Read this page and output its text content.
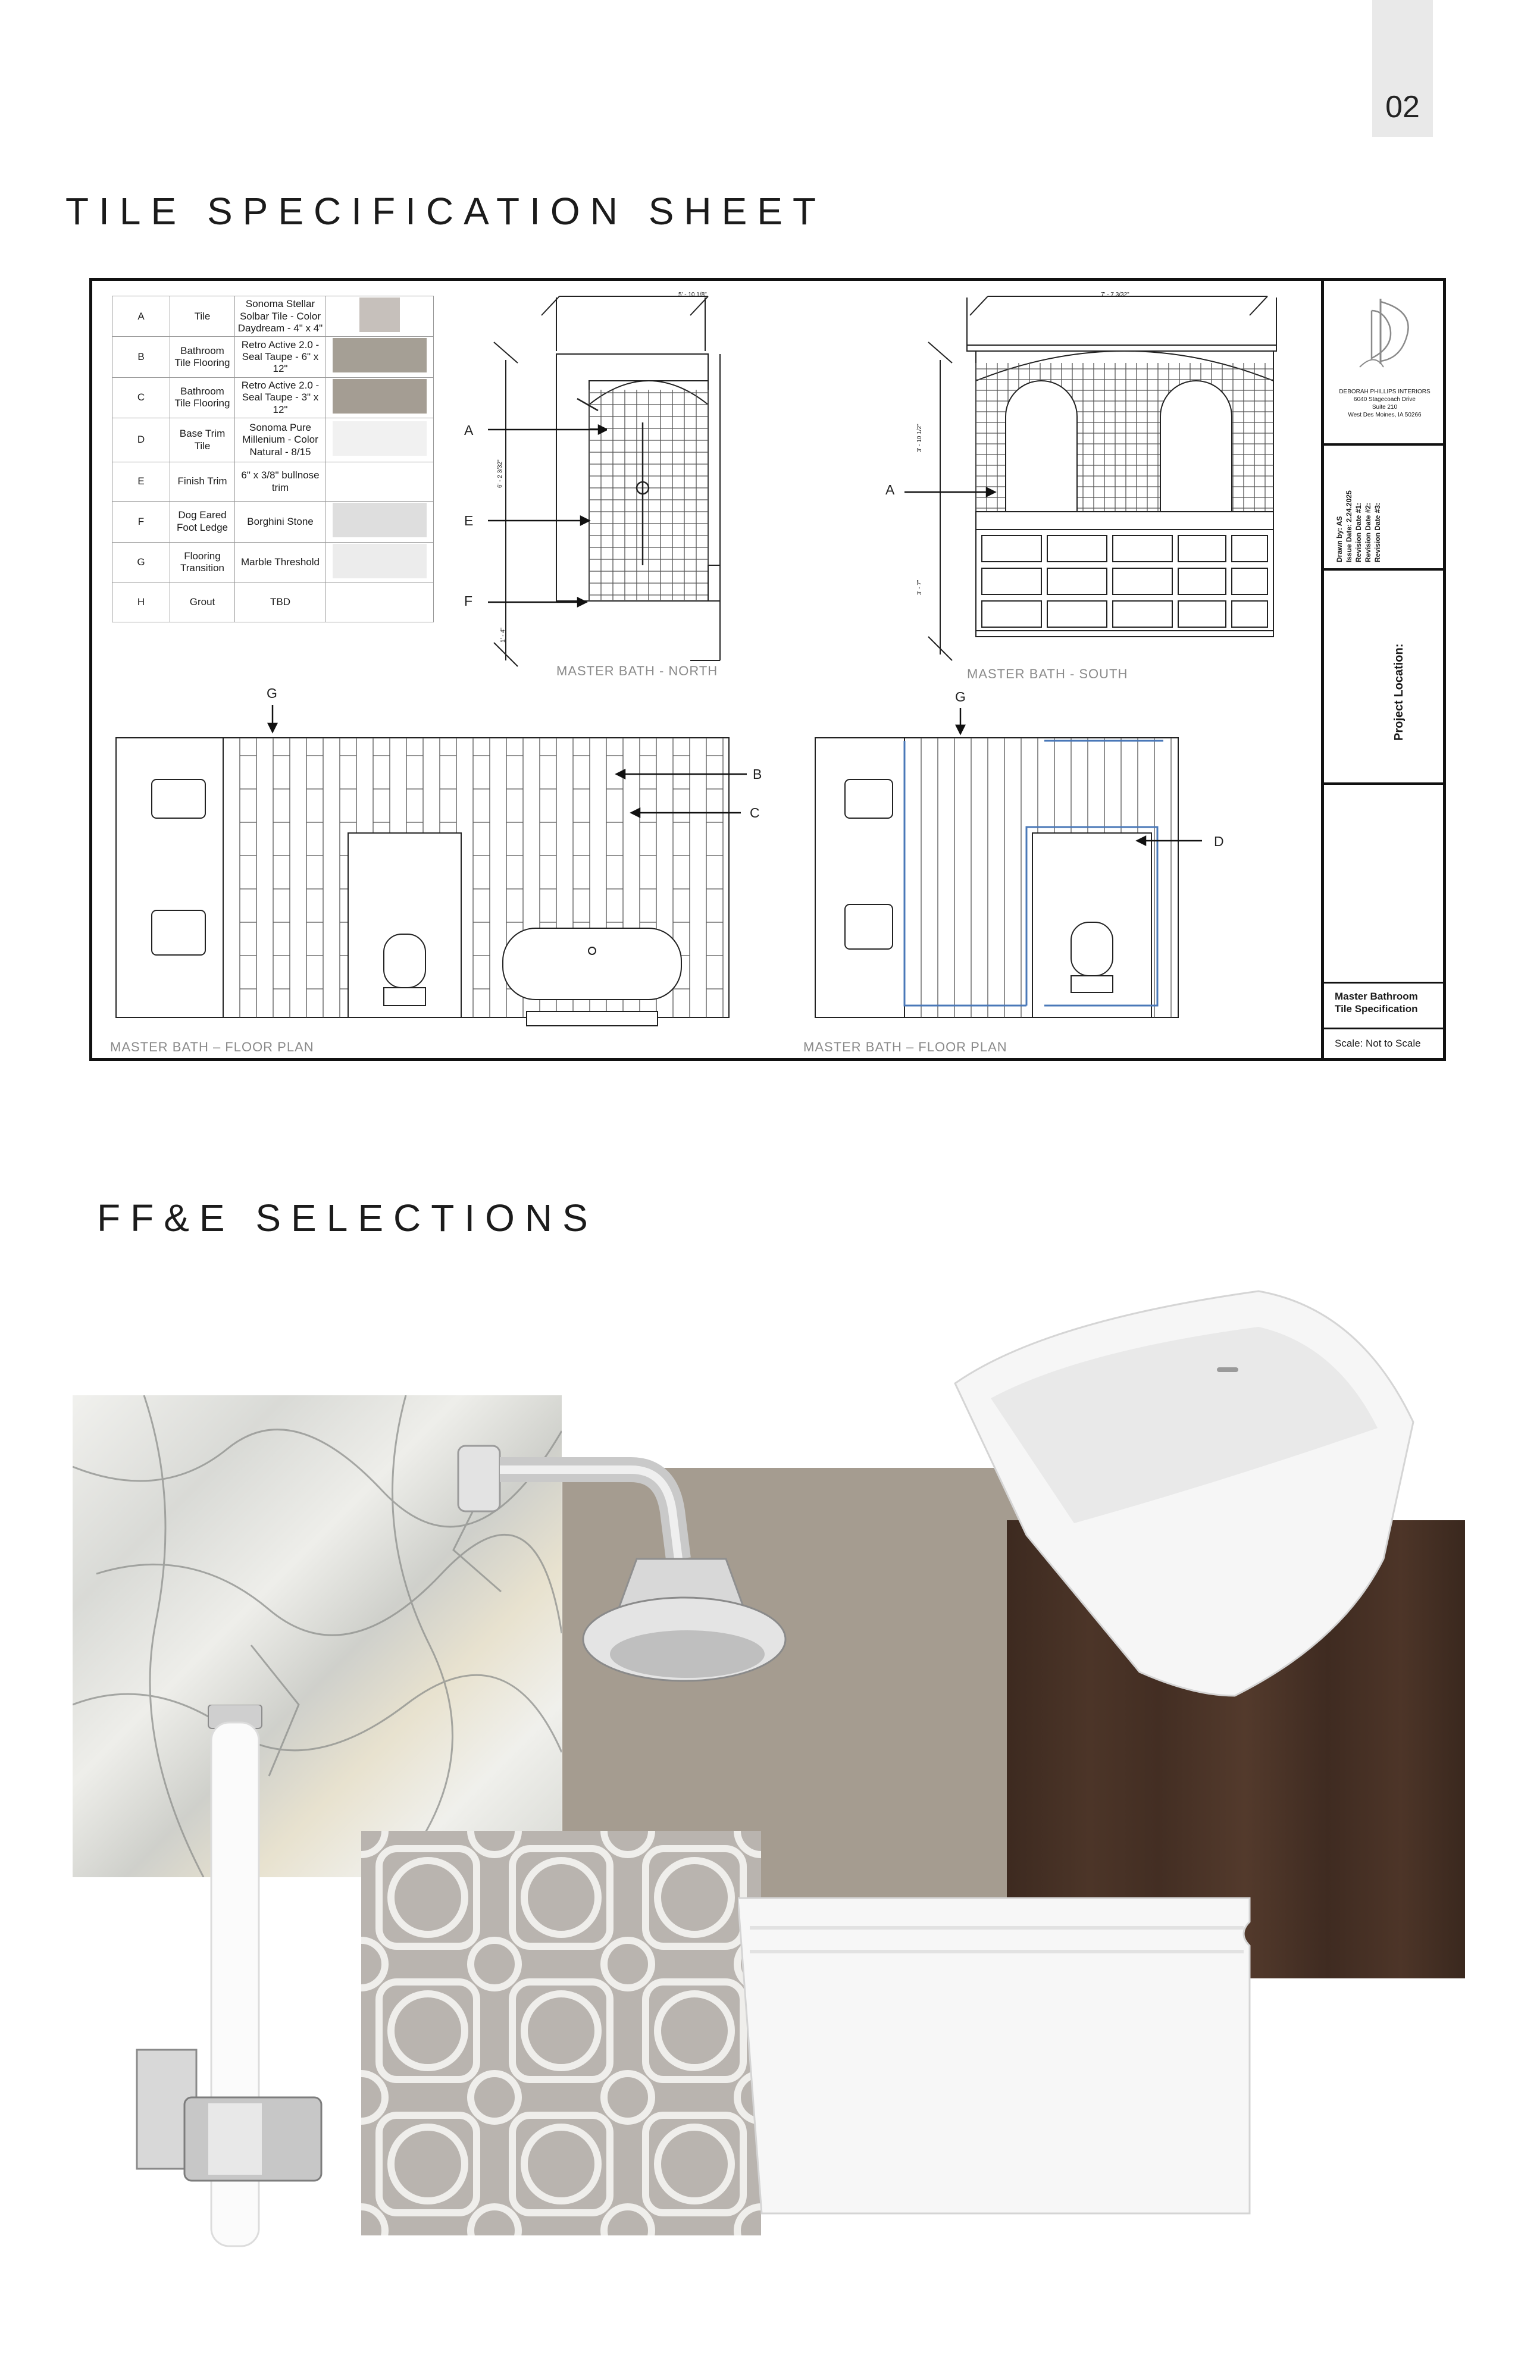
02
TILE SPECIFICATION SHEET
A	Tile	Sonoma Stellar Solbar Tile - Color Daydream - 4" x 4"	
B	Bathroom Tile Flooring	Retro Active 2.0 - Seal Taupe - 6" x 12"	
C	Bathroom Tile Flooring	Retro Active 2.0 - Seal Taupe - 3" x 12"	
D	Base Trim Tile	Sonoma Pure Millenium - Color Natural - 8/15	
E	Finish Trim	6" x 3/8" bullnose trim	
F	Dog Eared Foot Ledge	Borghini Stone	
G	Flooring Transition	Marble Threshold	
H	Grout	TBD	
A
E
F
5' - 10 1/8"
6' - 2 3/32"
1' - 4"
MASTER BATH - NORTH
A
7' - 7 3/32"
3' - 10 1/2"
3' - 7"
MASTER BATH - SOUTH
G
B
C
MASTER BATH – FLOOR PLAN
G
D
MASTER BATH – FLOOR PLAN
DEBORAH PHILLIPS INTERIORS
6040 Stagecoach Drive
Suite 210
West Des Moines, IA 50266
Drawn by: AS Issue Date: 2.24.2025 Revision Date #1: Revision Date #2: Revision Date #3:
Project Location:
Master Bathroom
Tile Specification
Scale: Not to Scale
FF&E SELECTIONS
